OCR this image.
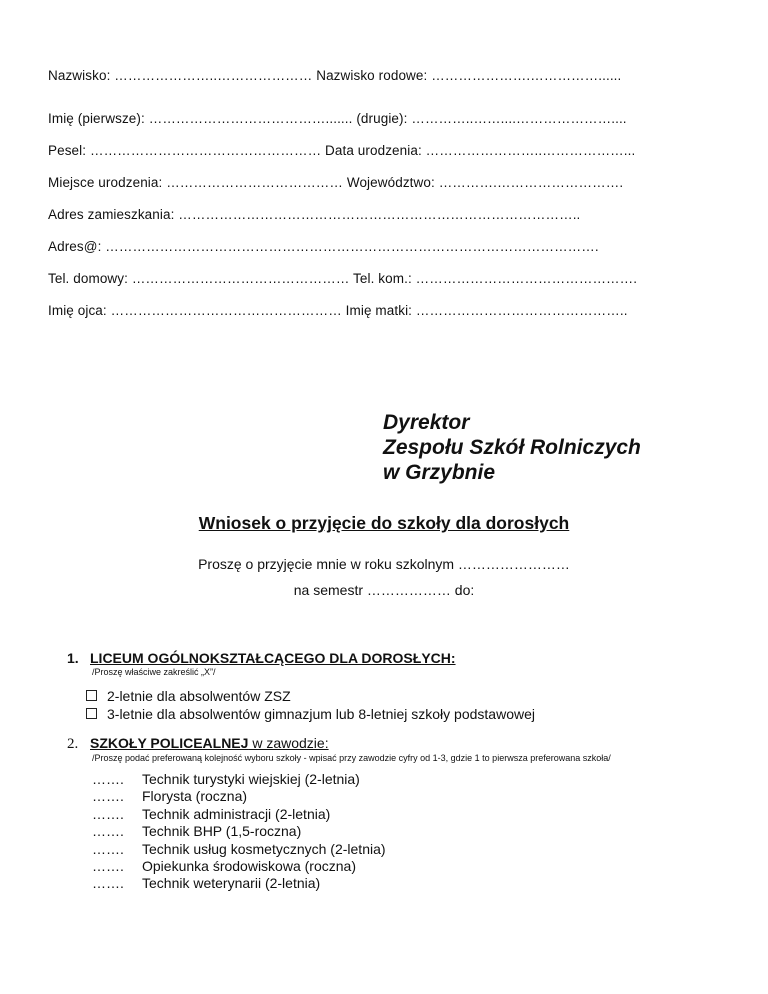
Nazwisko: …………………..………………… Nazwisko rodowe: ………………….……………......
Imię (pierwsze): …………………………………....... (drugie): …………..……....…………………....
Pesel: …………………………………………… Data urodzenia: ……………………..………………...
Miejsce urodzenia: ………………………………… Województwo: ………….……………………….
Adres zamieszkania: ……………………………………………………………………………..
Adres@: ……………………………………………………………………………………………….
Tel. domowy: ………………………………………… Tel. kom.: ………………………………………….
Imię ojca: …………………………………………… Imię matki: ………………………………………..
Dyrektor
Zespołu Szkół Rolniczych
w Grzybnie
Wniosek o przyjęcie do szkoły dla dorosłych
Proszę o przyjęcie mnie w roku szkolnym ……………………
na semestr ……………… do:
1. LICEUM OGÓLNOKSZTAŁCĄCEGO DLA DOROSŁYCH:
/Proszę właściwe zakreślić „X”/
2-letnie dla absolwentów ZSZ
3-letnie dla absolwentów gimnazjum lub 8-letniej szkoły podstawowej
2. SZKOŁY POLICEALNEJ w zawodzie:
/Proszę podać preferowaną kolejność wyboru szkoły - wpisać przy zawodzie cyfry od 1-3, gdzie 1 to pierwsza preferowana szkoła/
……. Technik turystyki wiejskiej (2-letnia)
……. Florysta (roczna)
……. Technik administracji (2-letnia)
……. Technik BHP (1,5-roczna)
……. Technik usług kosmetycznych (2-letnia)
……. Opiekunka środowiskowa (roczna)
……. Technik weterynarii (2-letnia)
